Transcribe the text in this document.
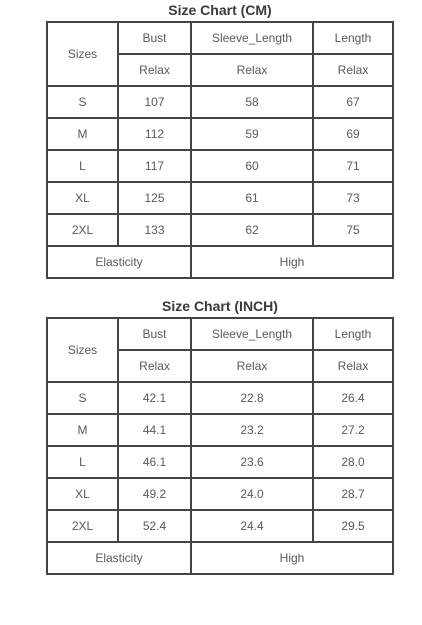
Size Chart (CM)
Sizes	Bust	Sleeve_Length	Length
	Relax	Relax	Relax
S	107	58	67
M	112	59	69
L	117	60	71
XL	125	61	73
2XL	133	62	75
Elasticity		High	
Size Chart (INCH)
Sizes	Bust	Sleeve_Length	Length
	Relax	Relax	Relax
S	42.1	22.8	26.4
M	44.1	23.2	27.2
L	46.1	23.6	28.0
XL	49.2	24.0	28.7
2XL	52.4	24.4	29.5
Elasticity		High	
